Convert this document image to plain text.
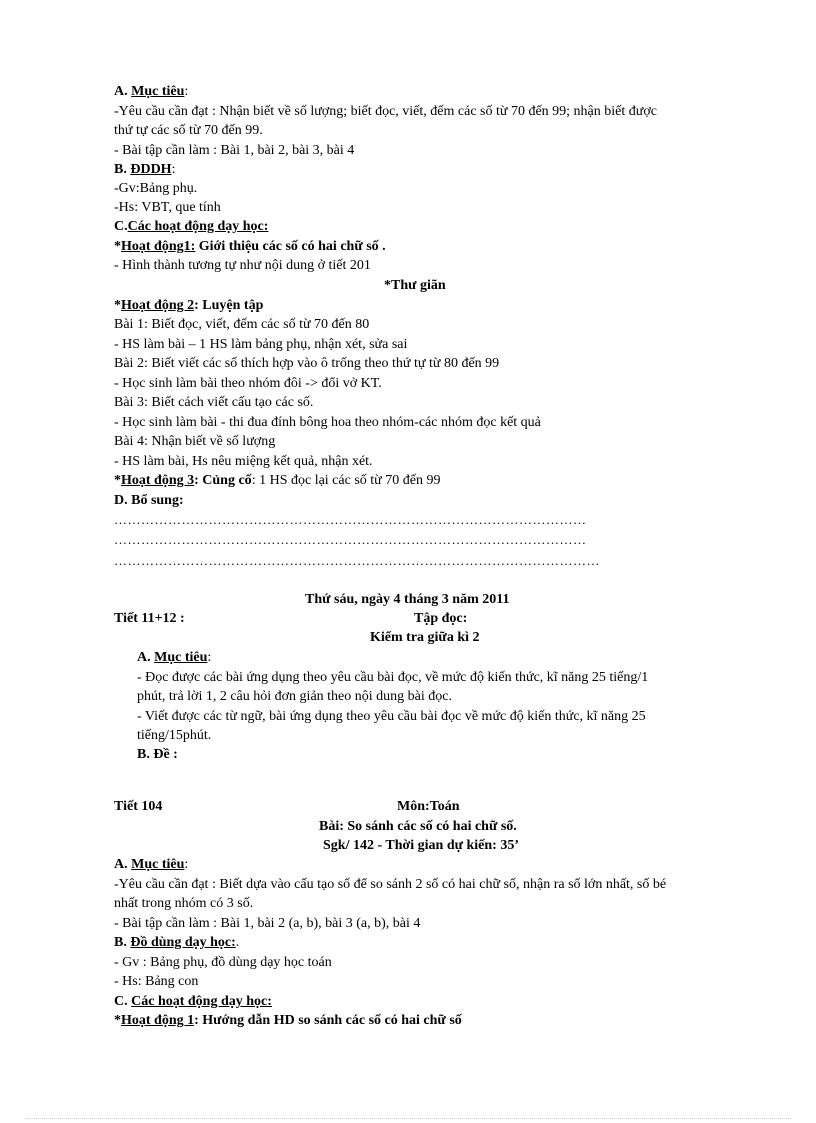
A. Mục tiêu:
-Yêu cầu cần đạt : Nhận biết về số lượng; biết đọc, viết, đếm các số từ 70 đến 99; nhận biết được
thứ tự các số từ 70 đến 99.
- Bài tập cần làm : Bài 1, bài 2, bài 3, bài 4
B. ĐDDH:
-Gv:Bảng phụ.
-Hs: VBT, que tính
C.Các hoạt động dạy học:
*Hoạt động1: Giới thiệu các số có hai chữ số .
- Hình thành tương tự như nội dung ở tiết 201
*Thư giãn
*Hoạt động 2: Luyện tập
Bài 1: Biết đọc, viết, đếm các số từ 70 đến 80
- HS làm bài – 1 HS làm bảng phụ, nhận xét, sửa sai
Bài 2: Biết viết các số thích hợp vào ô trống theo thứ tự từ 80 đến 99
- Học sinh làm bài theo nhóm đôi -> đổi vở KT.
Bài 3: Biết cách viết cấu tạo các số.
- Học sinh làm bài - thi đua đính bông hoa theo nhóm-các nhóm đọc kết quả
Bài 4: Nhận biết về số lượng
- HS làm bài, Hs nêu miệng kết quả, nhận xét.
*Hoạt động 3: Củng cố: 1 HS đọc lại các số từ 70 đến 99
D. Bổ sung:
……………………………………………………………………………………………
……………………………………………………………………………………………
………………………………………………………………………………………………
Thứ sáu, ngày 4 tháng 3 năm 2011
Tiết 11+12 :	Tập đọc:
Kiểm tra giữa kì 2
A. Mục tiêu:
- Đọc được các bài ứng dụng theo yêu cầu bài đọc, về mức độ kiến thức, kĩ năng 25 tiếng/1
phút, trả lời 1, 2 câu hỏi đơn giản theo nội dung bài đọc.
- Viết được các từ ngữ, bài ứng dụng theo yêu cầu bài đọc về mức độ kiến thức, kĩ năng 25
tiếng/15phút.
B. Đề :
Tiết 104	Môn:Toán
Bài: So sánh các số có hai chữ số.
Sgk/ 142 - Thời gian dự kiến: 35’
A. Mục tiêu:
-Yêu cầu cần đạt : Biết dựa vào cấu tạo số để so sánh 2 số có hai chữ số, nhận ra số lớn nhất, số bé
nhất trong nhóm có 3 số.
- Bài tập cần làm : Bài 1, bài 2 (a, b), bài 3 (a, b), bài 4
B. Đồ dùng dạy học:.
- Gv : Bảng phụ, đồ dùng dạy học toán
- Hs: Bảng con
C. Các hoạt động dạy học:
*Hoạt động 1: Hướng dẫn HD so sánh các số có hai chữ số
